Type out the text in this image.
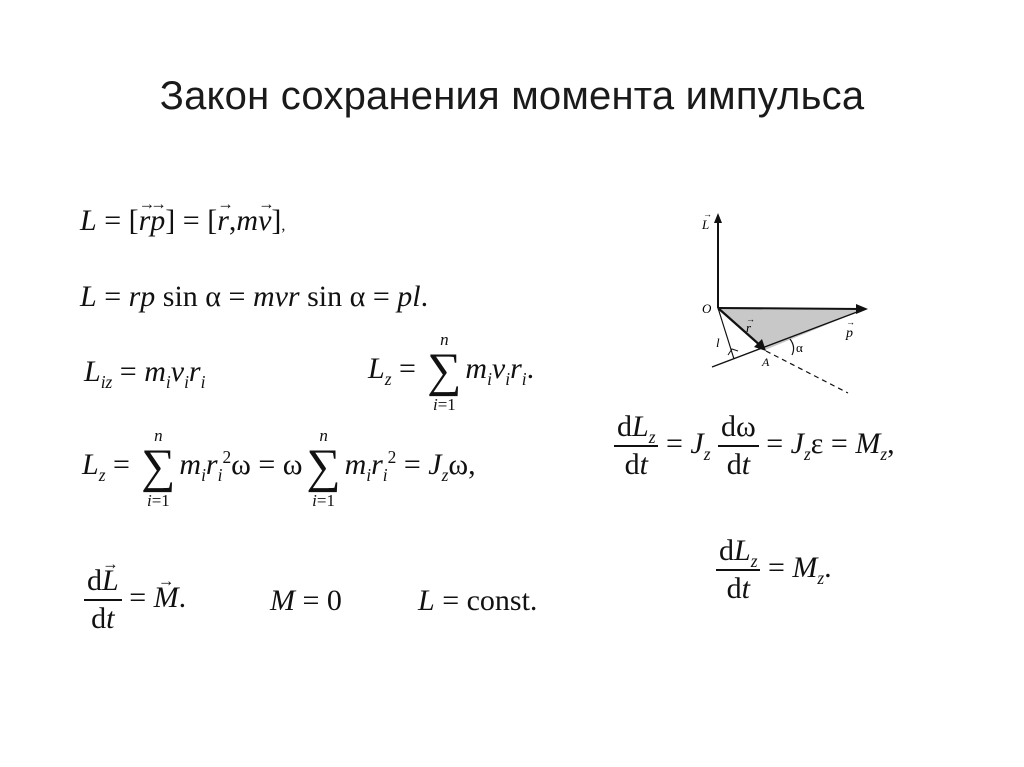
Закон сохранения момента импульса
L = [r →p →] = [r →,mv →],
L = rp sin α = mvr sin α = pl.
$L_{iz} = m_iv_ir_i$	$L_z$ =
n
∑
i=1
$m_iv_ir_i$.
$L_z$ =
n
∑
i=1
$m_ir_i^2\omega = \omega$
n
∑
i=1
$m_ir_i^2 = J_z\omega$,	$\frac{dL_z}{dt} = J_z \frac{d\omega}{dt} = J_z\varepsilon = M_z$,
$\frac{dL \to}{dt} = M$ →.	M = 0	L = const.	$\frac{dL_z}{dt} = M_z$.
L
→
O
r
→
p
→
l
A
α
